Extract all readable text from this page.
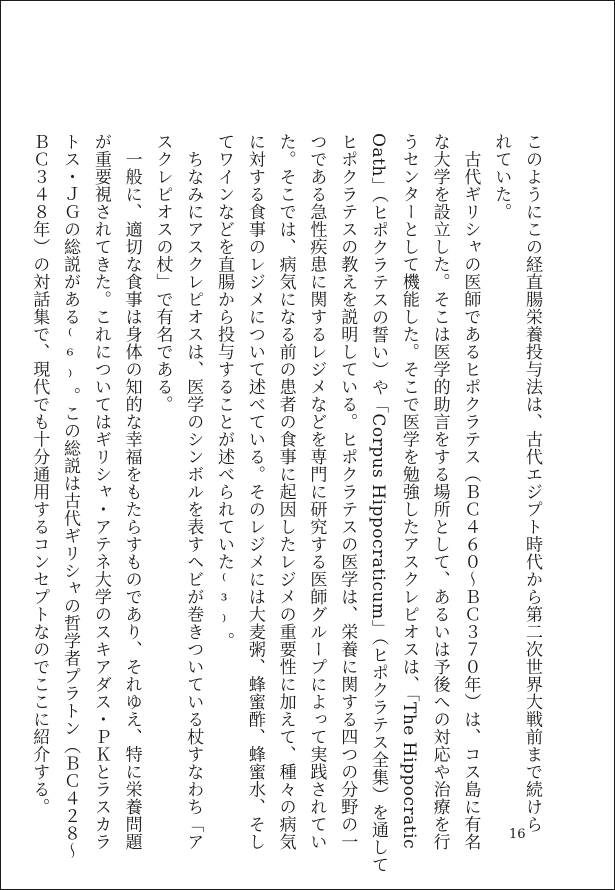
このようにこの経直腸栄養投与法は、古代エジプト時代から第二次世界大戦前まで続けら
れていた。
　古代ギリシャの医師であるヒポクラテス（ＢＣ４６０～ＢＣ３７０年）は、コス島に有名
な大学を設立した。そこは医学的助言をする場所として、あるいは予後への対応や治療を行
うセンターとして機能した。そこで医学を勉強したアスクレピオスは、「The Hippocratic
Oath」（ヒポクラテスの誓い）や「Corpus Hippocraticum」（ヒポクラテス全集）を通して
ヒポクラテスの教えを説明している。ヒポクラテスの医学は、栄養に関する四つの分野の一
つである急性疾患に関するレジメなどを専門に研究する医師グループによって実践されてい
た。そこでは、病気になる前の患者の食事に起因したレジメの重要性に加えて、種々の病気
に対する食事のレジメについて述べている。そのレジメには大麦粥、蜂蜜酢、蜂蜜水、そし
てワインなどを直腸から投与することが述べられていた⁽³⁾。
　ちなみにアスクレピオスは、医学のシンボルを表すヘビが巻きついている杖すなわち「ア
スクレピオスの杖」で有名である。
　一般に、適切な食事は身体の知的な幸福をもたらすものであり、それゆえ、特に栄養問題
が重要視されてきた。これについてはギリシャ・アテネ大学のスキアダス・ＰＫとラスカラ
トス・ＪＧの総説がある⁽⁶⁾。この総説は古代ギリシャの哲学者プラトン（ＢＣ４２８～
ＢＣ３４８年）の対話集で、現代でも十分通用するコンセプトなのでここに紹介する。
16
